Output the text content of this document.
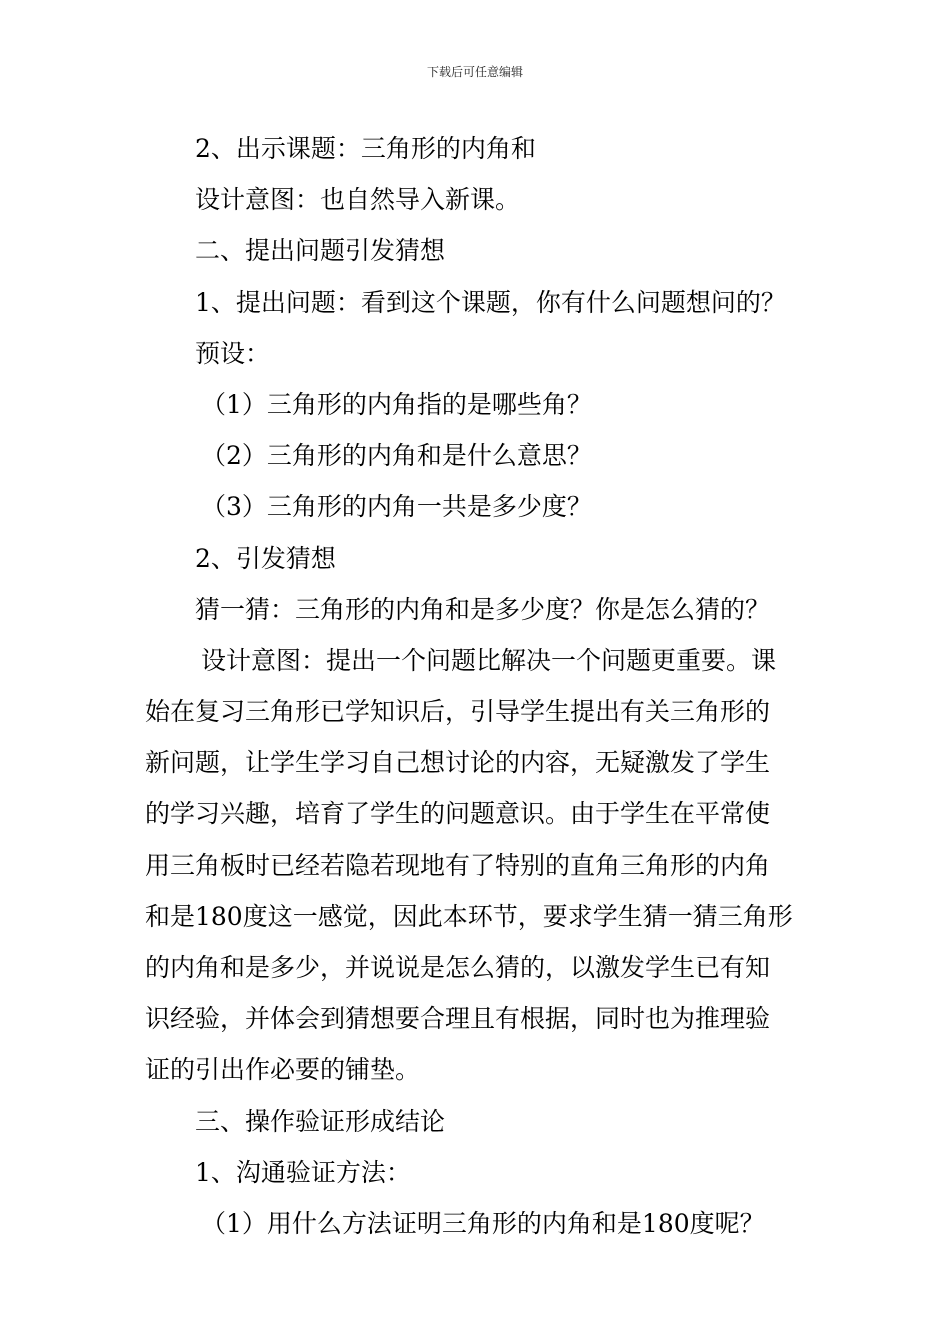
下载后可任意编辑
2、出示课题：三角形的内角和
设计意图：也自然导入新课。
二、提出问题引发猜想
1、提出问题：看到这个课题，你有什么问题想问的？
预设：
（1）三角形的内角指的是哪些角？
（2）三角形的内角和是什么意思？
（3）三角形的内角一共是多少度？
2、引发猜想
猜一猜：三角形的内角和是多少度？你是怎么猜的？
设计意图：提出一个问题比解决一个问题更重要。课
始在复习三角形已学知识后，引导学生提出有关三角形的
新问题，让学生学习自己想讨论的内容，无疑激发了学生
的学习兴趣，培育了学生的问题意识。由于学生在平常使
用三角板时已经若隐若现地有了特别的直角三角形的内角
和是180度这一感觉，因此本环节，要求学生猜一猜三角形
的内角和是多少，并说说是怎么猜的，以激发学生已有知
识经验，并体会到猜想要合理且有根据，同时也为推理验
证的引出作必要的铺垫。
三、操作验证形成结论
1、沟通验证方法：
（1）用什么方法证明三角形的内角和是180度呢？
